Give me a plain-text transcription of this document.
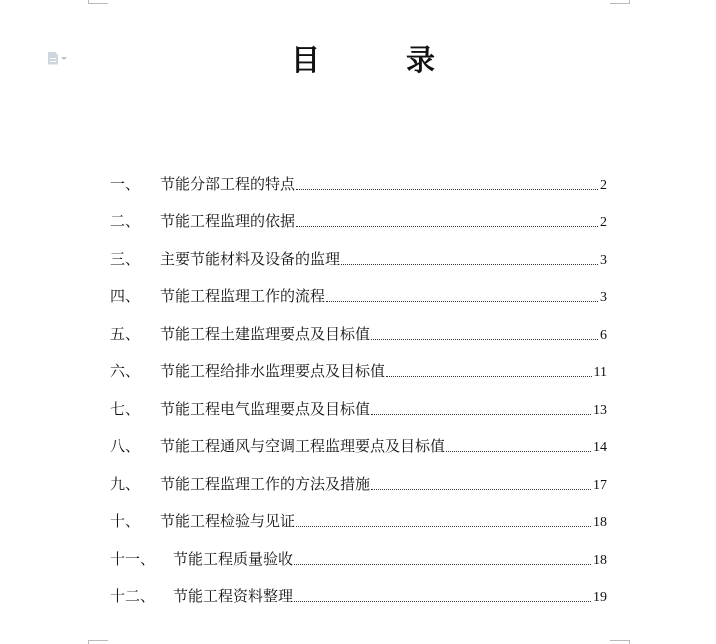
目 录
一、	节能分部工程的特点	2
二、	节能工程监理的依据	2
三、	主要节能材料及设备的监理	3
四、	节能工程监理工作的流程	3
五、	节能工程土建监理要点及目标值	6
六、	节能工程给排水监理要点及目标值	11
七、	节能工程电气监理要点及目标值	13
八、	节能工程通风与空调工程监理要点及目标值	14
九、	节能工程监理工作的方法及措施	17
十、	节能工程检验与见证	18
十一、	节能工程质量验收	18
十二、	节能工程资料整理	19
